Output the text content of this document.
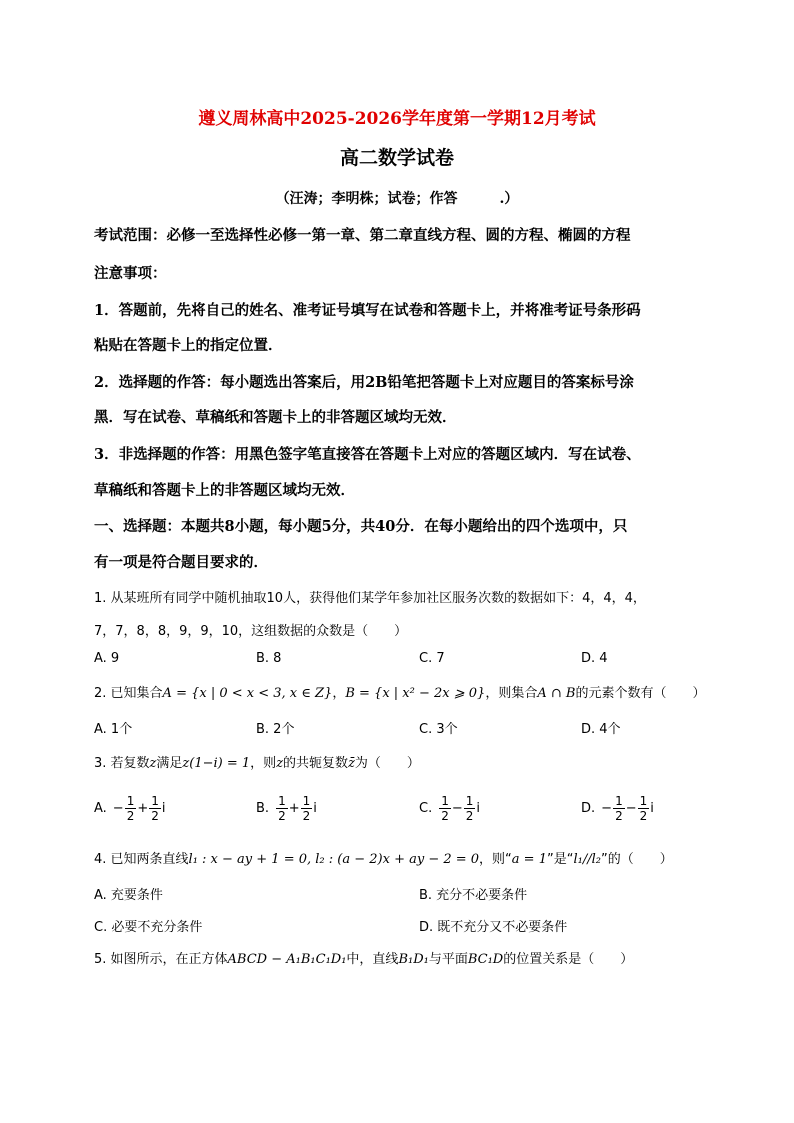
遵义周林高中2025-2026学年度第一学期12月考试
高二数学试卷
（汪涛；李明株；试卷；作答　　　.）
考试范围：必修一至选择性必修一第一章、第二章直线方程、圆的方程、椭圆的方程
注意事项：
1．答题前，先将自己的姓名、准考证号填写在试卷和答题卡上，并将准考证号条形码
粘贴在答题卡上的指定位置．
2．选择题的作答：每小题选出答案后，用2B铅笔把答题卡上对应题目的答案标号涂
黑．写在试卷、草稿纸和答题卡上的非答题区域均无效．
3．非选择题的作答：用黑色签字笔直接答在答题卡上对应的答题区域内．写在试卷、
草稿纸和答题卡上的非答题区域均无效．
一、选择题：本题共8小题，每小题5分，共40分．在每小题给出的四个选项中，只
有一项是符合题目要求的．
1. 从某班所有同学中随机抽取10人，获得他们某学年参加社区服务次数的数据如下：4，4，4，
7，7，8，8，9，9，10，这组数据的众数是（　　）
A. 9	B. 8	C. 7	D. 4
2. 已知集合A = {x | 0 < x < 3, x ∈ Z}，B = {x | x² − 2x ⩾ 0}，则集合A ∩ B的元素个数有（　　）
A. 1个	B. 2个	C. 3个	D. 4个
3. 若复数z满足z(1−i) = 1，则z的共轭复数z̄为（　　）
A. − $\frac{1}{2} + \frac{1}{2}$ i	B. $\frac{1}{2} + \frac{1}{2}$ i	C. $\frac{1}{2} - \frac{1}{2}$ i	D. − $\frac{1}{2} - \frac{1}{2}$ i
4. 已知两条直线l₁ : x − ay + 1 = 0, l₂ : (a − 2)x + ay − 2 = 0，则“a = 1”是“l₁//l₂”的（　　）
A. 充要条件	B. 充分不必要条件
C. 必要不充分条件	D. 既不充分又不必要条件
5. 如图所示，在正方体ABCD − A₁B₁C₁D₁中，直线B₁D₁与平面BC₁D的位置关系是（　　）
